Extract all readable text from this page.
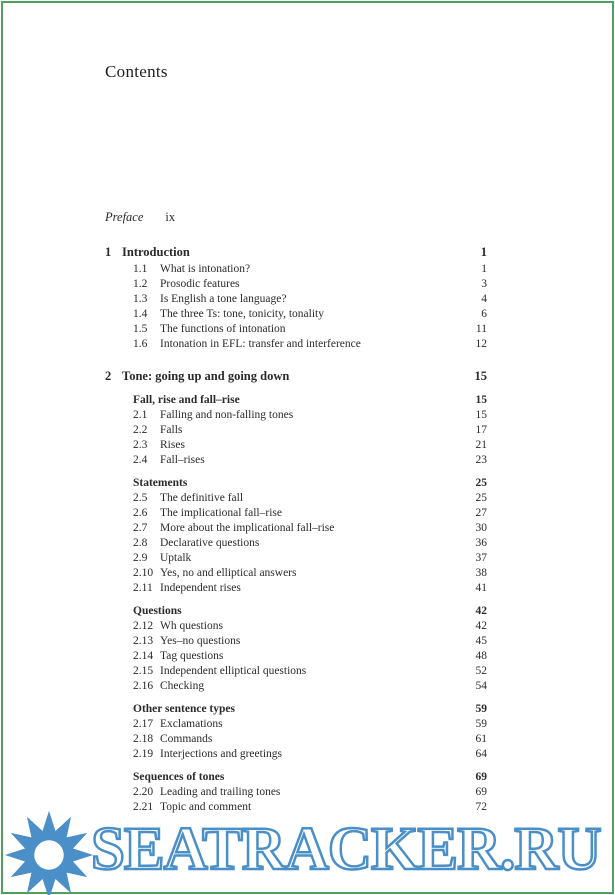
Contents
Preface ix
1 Introduction	1
1.1	What is intonation?	1
1.2	Prosodic features	3
1.3	Is English a tone language?	4
1.4	The three Ts: tone, tonicity, tonality	6
1.5	The functions of intonation	11
1.6	Intonation in EFL: transfer and interference	12
2 Tone: going up and going down	15
Fall, rise and fall–rise	15
2.1	Falling and non-falling tones	15
2.2	Falls	17
2.3	Rises	21
2.4	Fall–rises	23
Statements	25
2.5	The definitive fall	25
2.6	The implicational fall–rise	27
2.7	More about the implicational fall–rise	30
2.8	Declarative questions	36
2.9	Uptalk	37
2.10 Yes, no and elliptical answers	38
2.11 Independent rises	41
Questions	42
2.12 Wh questions	42
2.13 Yes–no questions	45
2.14 Tag questions	48
2.15 Independent elliptical questions	52
2.16 Checking	54
Other sentence types	59
2.17 Exclamations	59
2.18 Commands	61
2.19 Interjections and greetings	64
Sequences of tones	69
2.20 Leading and trailing tones	69
2.21 Topic and comment	72
SEATRACKER.RU
